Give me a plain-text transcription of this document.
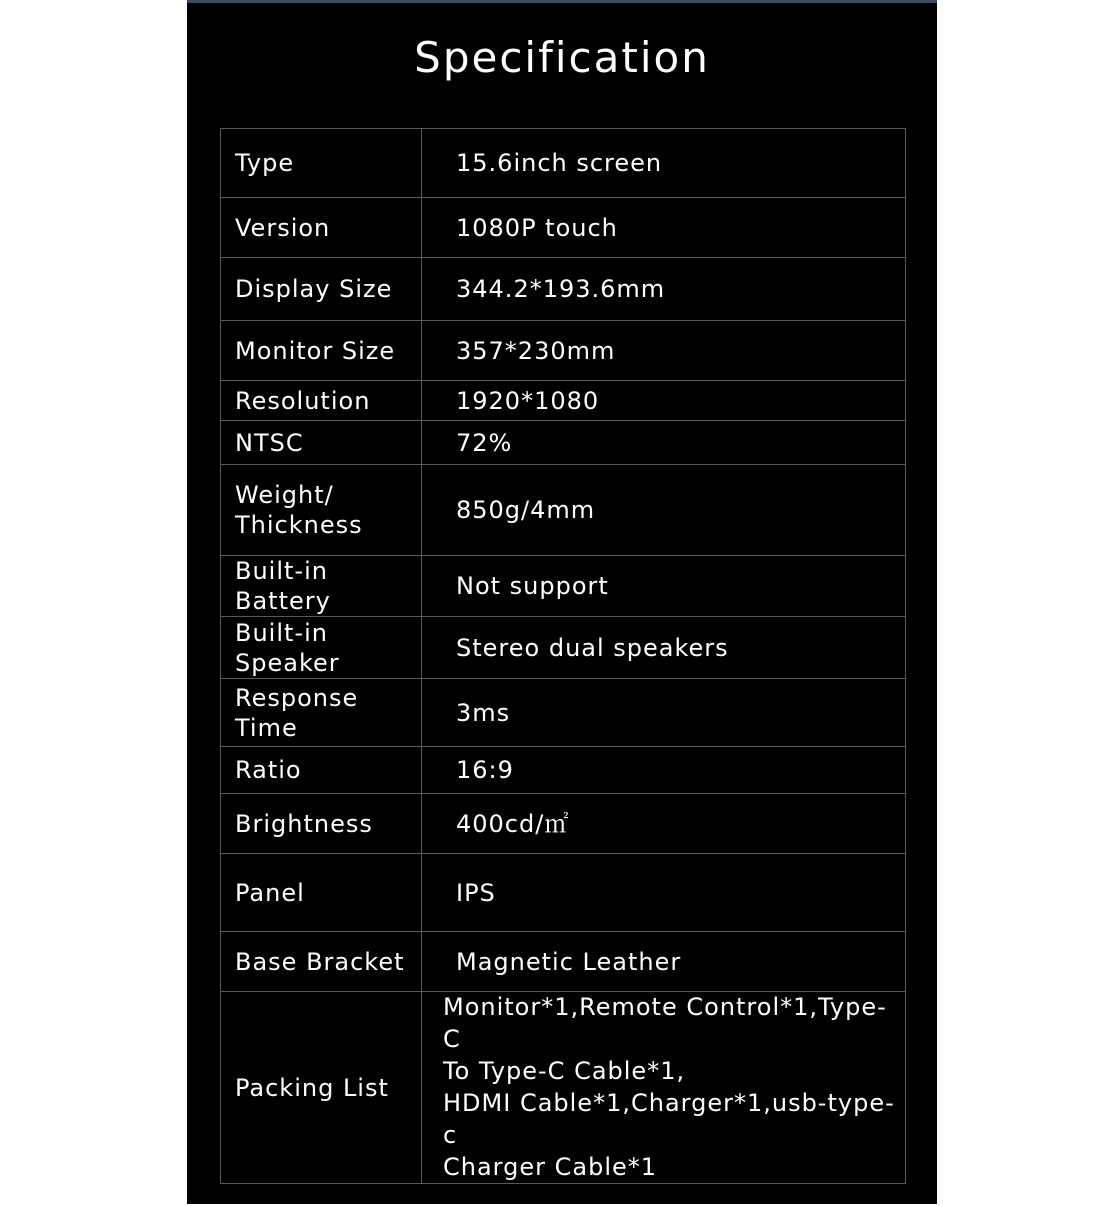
Specification
Type	15.6inch screen
Version	1080P touch
Display Size	344.2*193.6mm
Monitor Size	357*230mm
Resolution	1920*1080
NTSC	72%
Weight/
Thickness	850g/4mm
Built-in
Battery	Not support
Built-in
Speaker	Stereo dual speakers
Response
Time	3ms
Ratio	16:9
Brightness	400cd/㎡
Panel	IPS
Base Bracket	Magnetic Leather
Packing List	Monitor*1,Remote Control*1,Type-C
To Type-C Cable*1,
HDMI Cable*1,Charger*1,usb-type-c
Charger Cable*1
